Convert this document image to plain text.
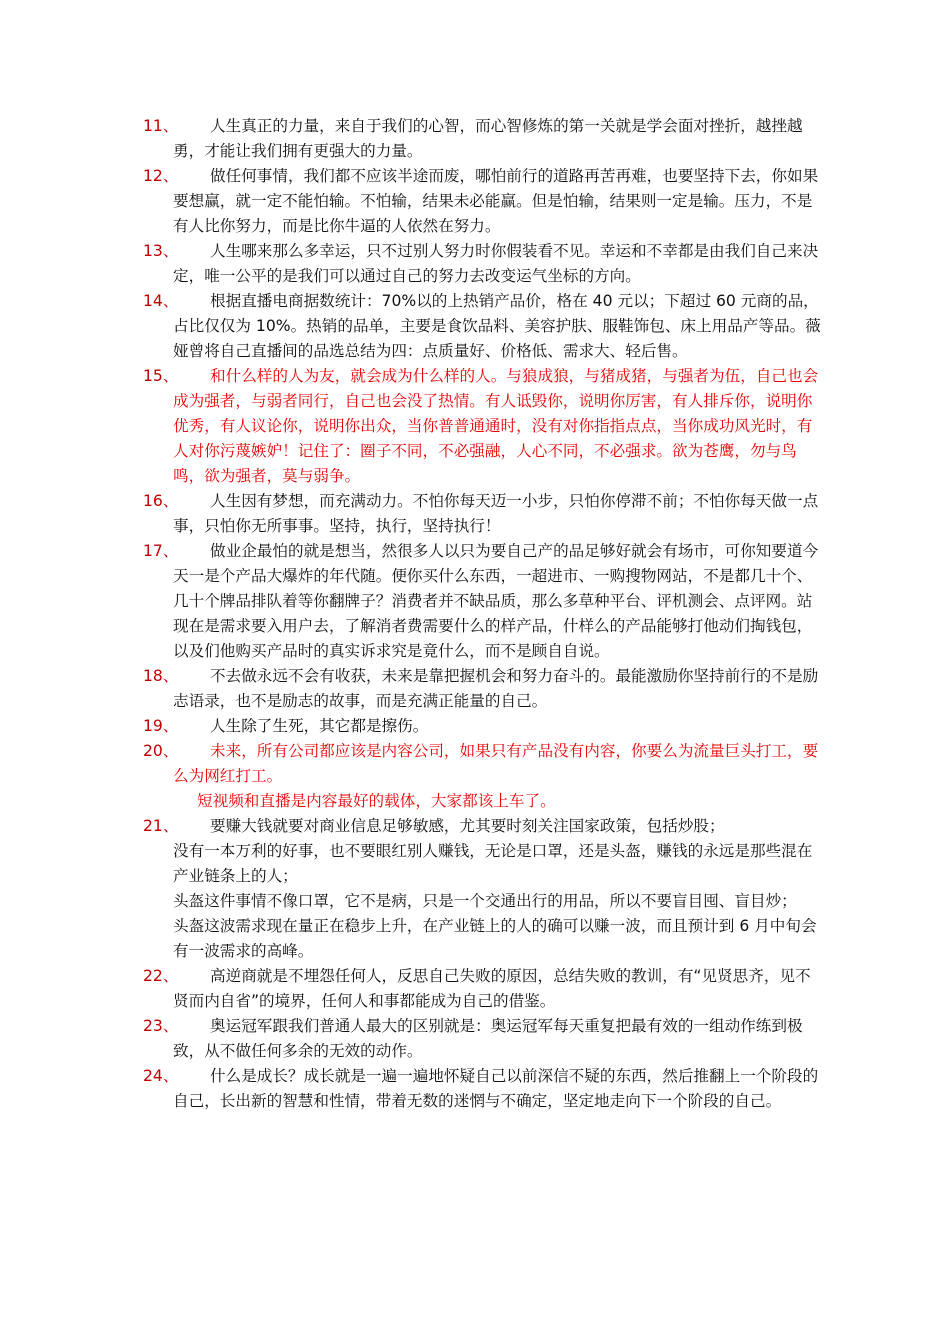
11、	人生真正的力量，来自于我们的心智，而心智修炼的第一关就是学会面对挫折，越挫越勇，才能让我们拥有更强大的力量。
12、	做任何事情，我们都不应该半途而废，哪怕前行的道路再苦再难，也要坚持下去，你如果要想赢，就一定不能怕输。不怕输，结果未必能赢。但是怕输，结果则一定是输。压力，不是有人比你努力，而是比你牛逼的人依然在努力。
13、	人生哪来那么多幸运，只不过别人努力时你假装看不见。幸运和不幸都是由我们自己来决定，唯一公平的是我们可以通过自己的努力去改变运气坐标的方向。
14、	根据直播电商据数统计：70%以的上热销产品价，格在 40 元以；下超过 60 元商的品，占比仅仅为 10%。热销的品单，主要是食饮品料、美容护肤、服鞋饰包、床上用品产等品。薇娅曾将自己直播间的品选总结为四：点质量好、价格低、需求大、轻后售。
15、	和什么样的人为友，就会成为什么样的人。与狼成狼，与猪成猪，与强者为伍，自己也会成为强者，与弱者同行，自己也会没了热情。有人诋毁你，说明你厉害，有人排斥你，说明你优秀，有人议论你，说明你出众，当你普普通通时，没有对你指指点点，当你成功风光时，有人对你污蔑嫉妒！记住了：圈子不同，不必强融，人心不同，不必强求。欲为苍鹰，勿与鸟鸣，欲为强者，莫与弱争。
16、	人生因有梦想，而充满动力。不怕你每天迈一小步，只怕你停滞不前；不怕你每天做一点事，只怕你无所事事。坚持，执行，坚持执行！
17、	做业企最怕的就是想当，然很多人以只为要自己产的品足够好就会有场市，可你知要道今天一是个产品大爆炸的年代随。便你买什么东西，一超进市、一购搜物网站，不是都几十个、几十个牌品排队着等你翻牌子？消费者并不缺品质，那么多草种平台、评机测会、点评网。站现在是需求要入用户去，了解消者费需要什么的样产品，什样么的产品能够打他动们掏钱包，以及们他购买产品时的真实诉求究是竟什么，而不是顾自自说。
18、	不去做永远不会有收获，未来是靠把握机会和努力奋斗的。最能激励你坚持前行的不是励志语录，也不是励志的故事，而是充满正能量的自己。
19、	人生除了生死，其它都是擦伤。
20、	未来，所有公司都应该是内容公司，如果只有产品没有内容，你要么为流量巨头打工，要么为网红打工。
短视频和直播是内容最好的载体，大家都该上车了。
21、	要赚大钱就要对商业信息足够敏感，尤其要时刻关注国家政策，包括炒股；
没有一本万利的好事，也不要眼红别人赚钱，无论是口罩，还是头盔，赚钱的永远是那些混在产业链条上的人；
头盔这件事情不像口罩，它不是病，只是一个交通出行的用品，所以不要盲目囤、盲目炒；
头盔这波需求现在量正在稳步上升，在产业链上的人的确可以赚一波，而且预计到 6 月中旬会有一波需求的高峰。
22、	高逆商就是不埋怨任何人，反思自己失败的原因，总结失败的教训，有“见贤思齐，见不贤而内自省”的境界，任何人和事都能成为自己的借鉴。
23、	奥运冠军跟我们普通人最大的区别就是：奥运冠军每天重复把最有效的一组动作练到极致，从不做任何多余的无效的动作。
24、	什么是成长？成长就是一遍一遍地怀疑自己以前深信不疑的东西，然后推翻上一个阶段的自己，长出新的智慧和性情，带着无数的迷惘与不确定，坚定地走向下一个阶段的自己。
